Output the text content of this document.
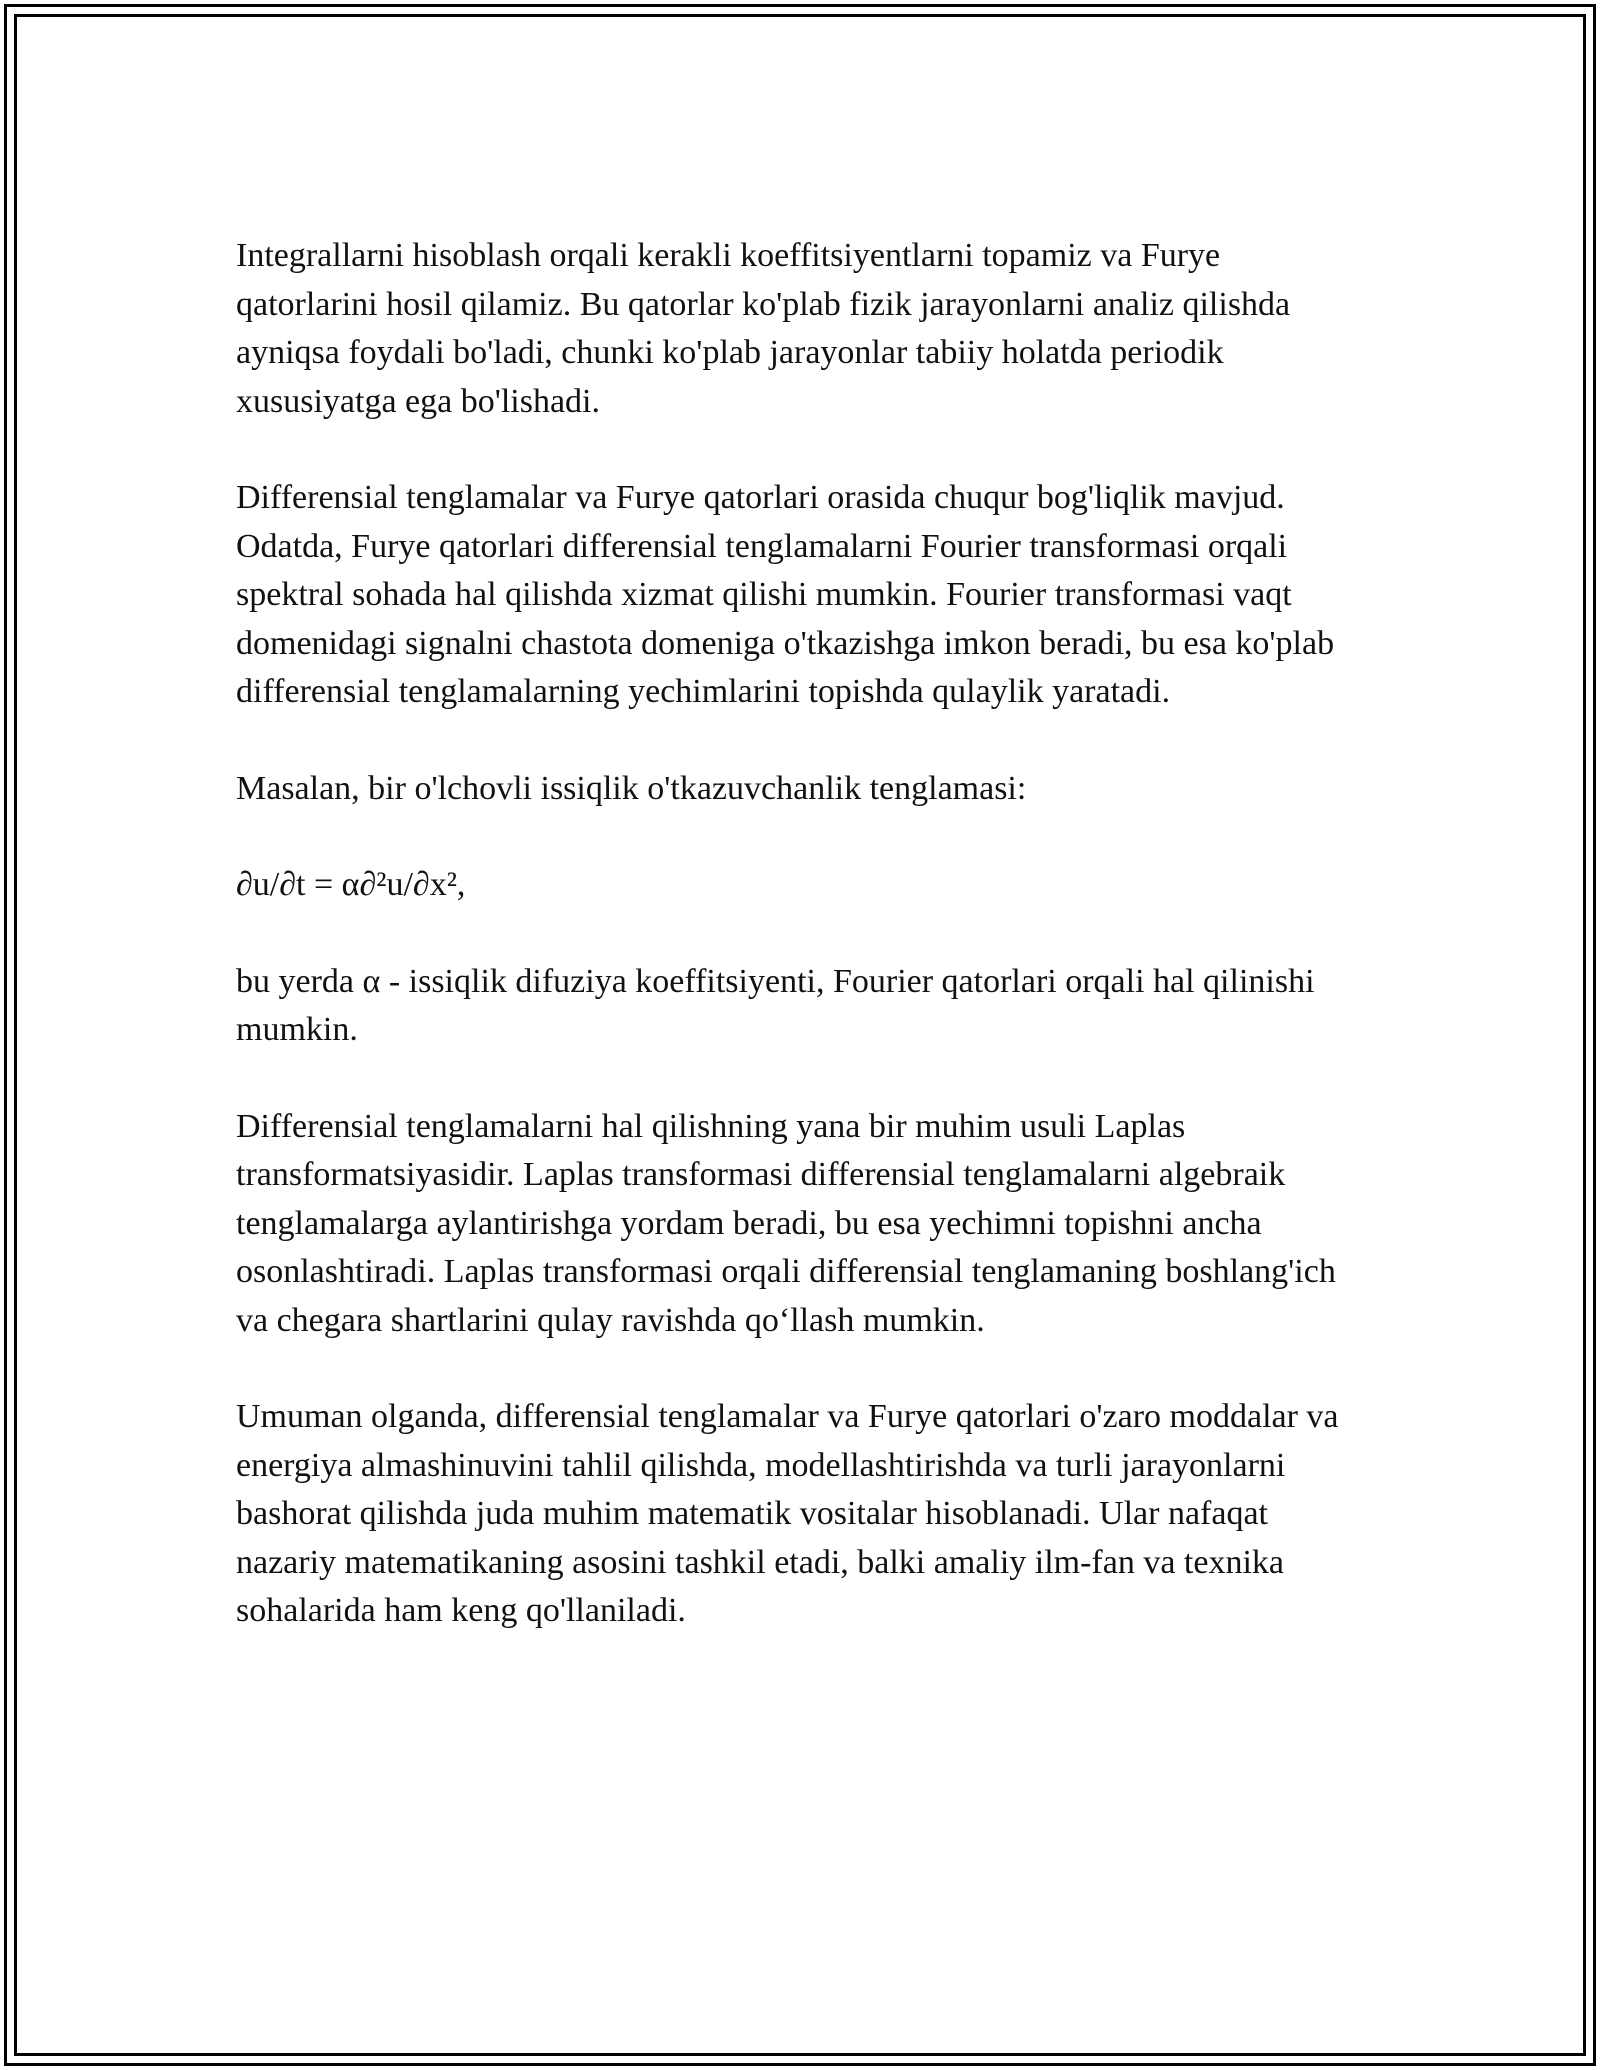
Integrallarni hisoblash orqali kerakli koeffitsiyentlarni topamiz va Furye qatorlarini hosil qilamiz. Bu qatorlar ko'plab fizik jarayonlarni analiz qilishda ayniqsa foydali bo'ladi, chunki ko'plab jarayonlar tabiiy holatda periodik xususiyatga ega bo'lishadi.

Differensial tenglamalar va Furye qatorlari orasida chuqur bog'liqlik mavjud. Odatda, Furye qatorlari differensial tenglamalarni Fourier transformasi orqali spektral sohada hal qilishda xizmat qilishi mumkin. Fourier transformasi vaqt domenidagi signalni chastota domeniga o'tkazishga imkon beradi, bu esa ko'plab differensial tenglamalarning yechimlarini topishda qulaylik yaratadi.

Masalan, bir o'lchovli issiqlik o'tkazuvchanlik tenglamasi:

∂u/∂t = α∂²u/∂x²,

bu yerda α - issiqlik difuziya koeffitsiyenti, Fourier qatorlari orqali hal qilinishi mumkin.

Differensial tenglamalarni hal qilishning yana bir muhim usuli Laplas transformatsiyasidir. Laplas transformasi differensial tenglamalarni algebraik tenglamalarga aylantirishga yordam beradi, bu esa yechimni topishni ancha osonlashtiradi. Laplas transformasi orqali differensial tenglamaning boshlang'ich va chegara shartlarini qulay ravishda qo‘llash mumkin.

Umuman olganda, differensial tenglamalar va Furye qatorlari o'zaro moddalar va energiya almashinuvini tahlil qilishda, modellashtirishda va turli jarayonlarni bashorat qilishda juda muhim matematik vositalar hisoblanadi. Ular nafaqat nazariy matematikaning asosini tashkil etadi, balki amaliy ilm-fan va texnika sohalarida ham keng qo'llaniladi.
